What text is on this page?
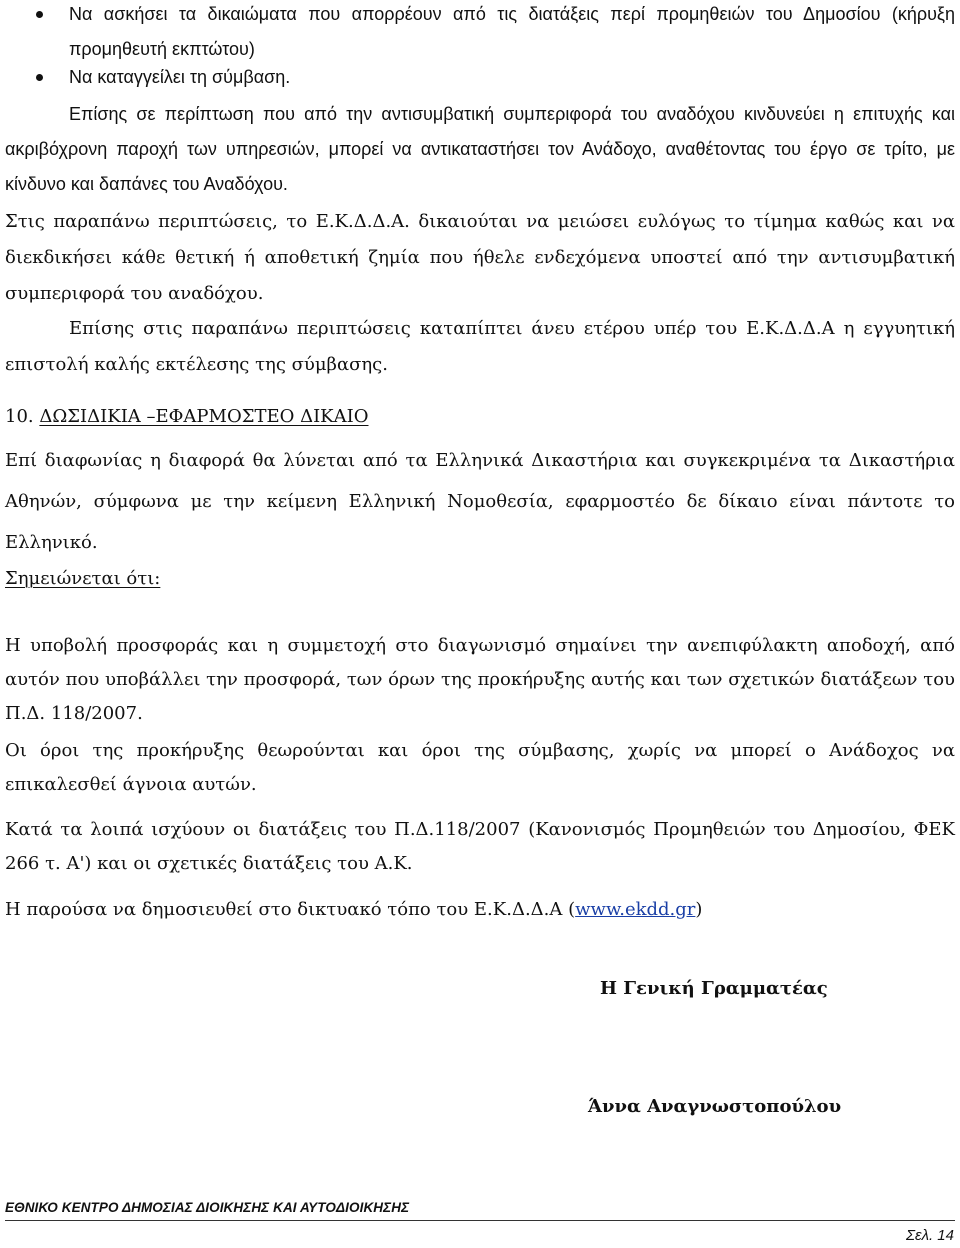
Να ασκήσει τα δικαιώματα που απορρέουν από τις διατάξεις περί προμηθειών του Δημοσίου (κήρυξη προμηθευτή εκπτώτου)
Να καταγγείλει τη σύμβαση.
Επίσης σε περίπτωση που από την αντισυμβατική συμπεριφορά του αναδόχου κινδυνεύει η επιτυχής και ακριβόχρονη παροχή των υπηρεσιών, μπορεί να αντικαταστήσει τον Ανάδοχο, αναθέτοντας του έργο σε τρίτο, με κίνδυνο και δαπάνες του Αναδόχου.
Στις παραπάνω περιπτώσεις, το Ε.Κ.Δ.Δ.Α. δικαιούται να μειώσει ευλόγως το τίμημα καθώς και να διεκδικήσει κάθε θετική ή αποθετική ζημία που ήθελε ενδεχόμενα υποστεί από την αντισυμβατική συμπεριφορά του αναδόχου.
Επίσης στις παραπάνω περιπτώσεις καταπίπτει άνευ ετέρου υπέρ του Ε.Κ.Δ.Δ.Α η εγγυητική επιστολή καλής εκτέλεσης της σύμβασης.
10. ΔΩΣΙΔΙΚΙΑ –ΕΦΑΡΜΟΣΤΕΟ ΔΙΚΑΙΟ
Επί διαφωνίας η διαφορά θα λύνεται από τα Ελληνικά Δικαστήρια και συγκεκριμένα τα Δικαστήρια Αθηνών, σύμφωνα με την κείμενη Ελληνική Νομοθεσία, εφαρμοστέο δε δίκαιο είναι πάντοτε το Ελληνικό.
Σημειώνεται ότι:
Η υποβολή προσφοράς και η συμμετοχή στο διαγωνισμό σημαίνει την ανεπιφύλακτη αποδοχή, από αυτόν που υποβάλλει την προσφορά, των όρων της προκήρυξης αυτής και των σχετικών διατάξεων του Π.Δ. 118/2007.
Οι όροι της προκήρυξης θεωρούνται και όροι της σύμβασης, χωρίς να μπορεί ο Ανάδοχος να επικαλεσθεί άγνοια αυτών.
Κατά τα λοιπά ισχύουν οι διατάξεις του Π.Δ.118/2007 (Κανονισμός Προμηθειών του Δημοσίου, ΦΕΚ 266 τ. Α') και οι σχετικές διατάξεις του Α.Κ.
Η παρούσα να δημοσιευθεί στο δικτυακό τόπο του Ε.Κ.Δ.Δ.Α (www.ekdd.gr)
Η Γενική Γραμματέας
Άννα Αναγνωστοπούλου
ΕΘΝΙΚΟ ΚΕΝΤΡΟ ΔΗΜΟΣΙΑΣ ΔΙΟΙΚΗΣΗΣ ΚΑΙ ΑΥΤΟΔΙΟΙΚΗΣΗΣ
Σελ. 14
